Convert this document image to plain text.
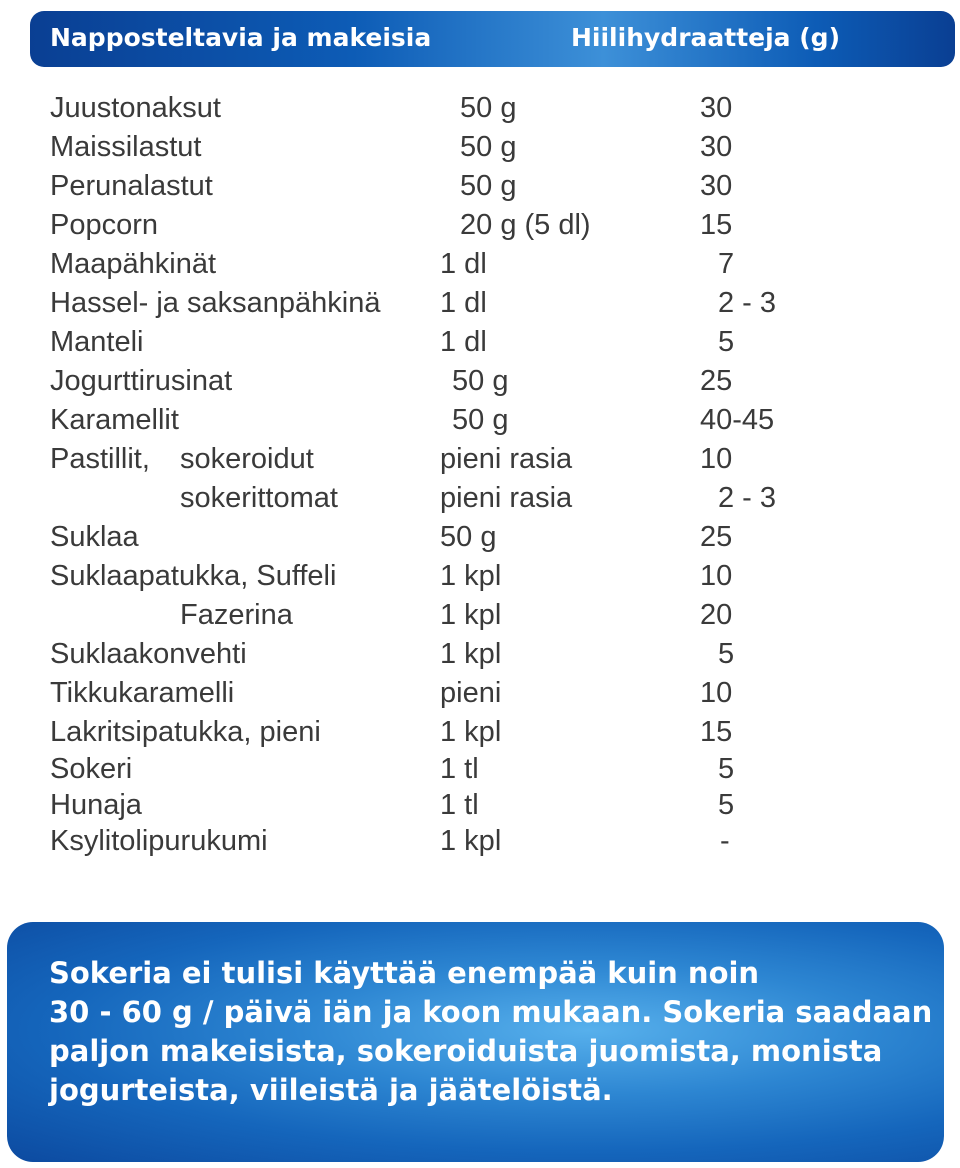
Napposteltavia ja makeisia	Hiilihydraatteja (g)
Juustonaksut	50 g	30
Maissilastut	50 g	30
Perunalastut	50 g	30
Popcorn	20 g (5 dl)	15
Maapähkinät	1 dl	7
Hassel- ja saksanpähkinä 1 dl	2 - 3
Manteli	1 dl	5
Jogurttirusinat	50 g	25
Karamellit	50 g	40-45
Pastillit, sokeroidut	pieni rasia	10
sokerittomat	pieni rasia	2 - 3
Suklaa	50 g	25
Suklaapatukka, Suffeli	1 kpl	10
Fazerina	1 kpl	20
Suklaakonvehti	1 kpl	5
Tikkukaramelli	pieni	10
Lakritsipatukka, pieni	1 kpl	15
Sokeri	1 tl	5
Hunaja	1 tl	5
Ksylitolipurukumi	1 kpl	-
Sokeria ei tulisi käyttää enempää kuin noin
30 - 60 g / päivä iän ja koon mukaan. Sokeria saadaan
paljon makeisista, sokeroiduista juomista, monista
jogurteista, viileistä ja jäätelöistä.
